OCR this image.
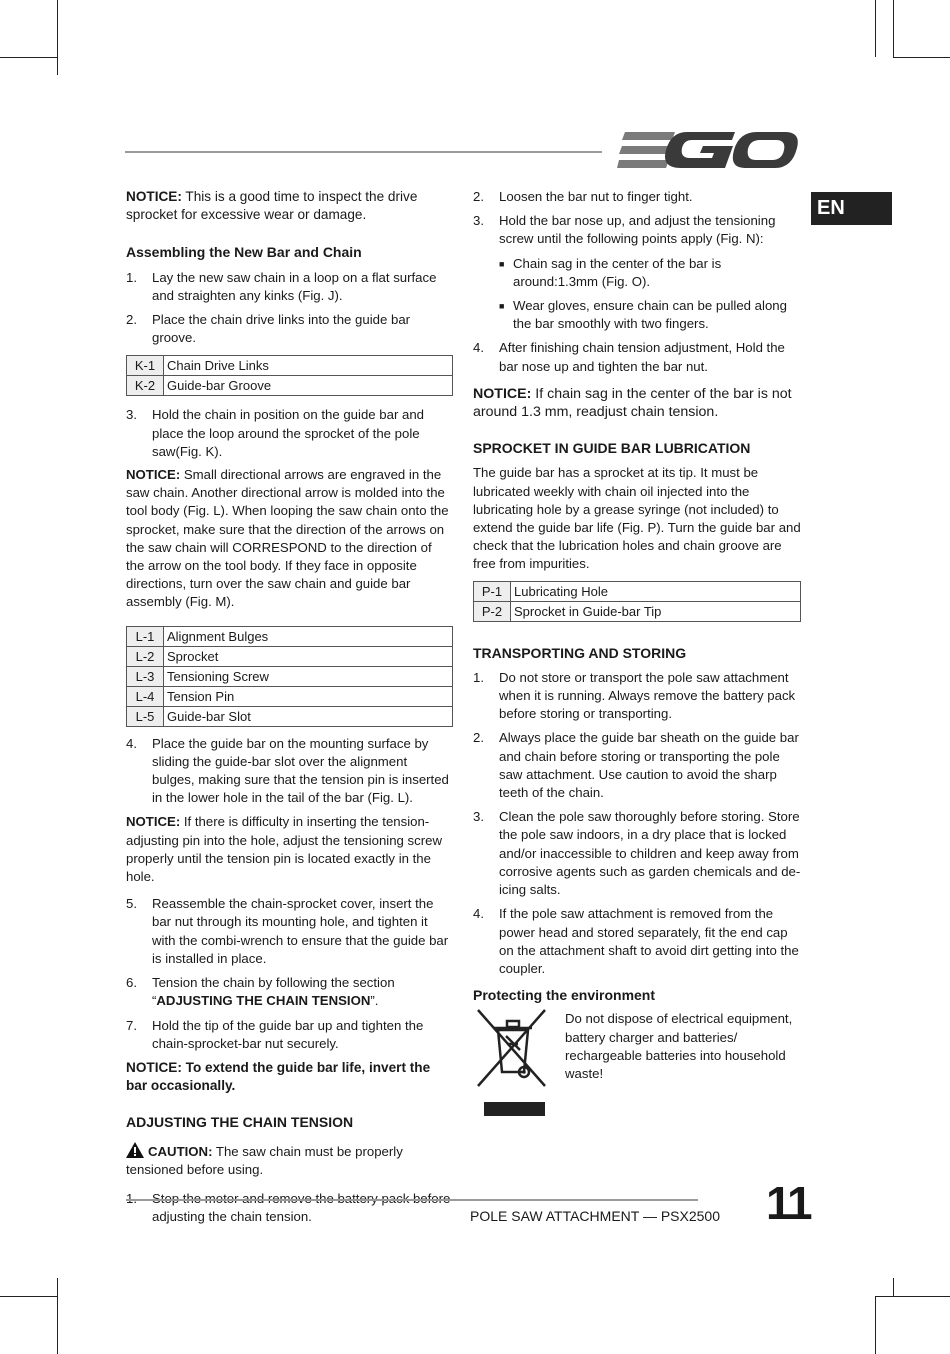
EN

NOTICE: This is a good time to inspect the drive sprocket for excessive wear or damage.

Assembling the New Bar and Chain

1.	Lay the new saw chain in a loop on a flat surface and straighten any kinks (Fig. J).
2.	Place the chain drive links into the guide bar groove.
K-1	Chain Drive Links
K-2	Guide-bar Groove
3.	Hold the chain in position on the guide bar and place the loop around the sprocket of the pole saw(Fig. K).

NOTICE: Small directional arrows are engraved in the saw chain. Another directional arrow is molded into the tool body (Fig. L). When looping the saw chain onto the sprocket, make sure that the direction of the arrows on the saw chain will CORRESPOND to the direction of the arrow on the tool body. If they face in opposite directions, turn over the saw chain and guide bar assembly (Fig. M).

L-1	Alignment Bulges
L-2	Sprocket
L-3	Tensioning Screw
L-4	Tension Pin
L-5	Guide-bar Slot
4.	Place the guide bar on the mounting surface by sliding the guide-bar slot over the alignment bulges, making sure that the tension pin is inserted in the lower hole in the tail of the bar (Fig. L).

NOTICE: If there is difficulty in inserting the tension-adjusting pin into the hole, adjust the tensioning screw properly until the tension pin is located exactly in the hole.

5.	Reassemble the chain-sprocket cover, insert the bar nut through its mounting hole, and tighten it with the combi-wrench to ensure that the guide bar is installed in place.
6.	Tension the chain by following the section “ADJUSTING THE CHAIN TENSION”.
7.	Hold the tip of the guide bar up and tighten the chain-sprocket-bar nut securely.

NOTICE: To extend the guide bar life, invert the bar occasionally.

ADJUSTING THE CHAIN TENSION

CAUTION: The saw chain must be properly tensioned before using.

adjusting the chain tension.
2.	Loosen the bar nut to finger tight.
3.	Hold the bar nose up, and adjust the tensioning screw until the following points apply (Fig. N):
■ Chain sag in the center of the bar is around:1.3mm (Fig. O).
■ Wear gloves, ensure chain can be pulled along the bar smoothly with two fingers.
4.	After finishing chain tension adjustment, Hold the bar nose up and tighten the bar nut.

NOTICE: If chain sag in the center of the bar is not around 1.3 mm, readjust chain tension.

SPROCKET IN GUIDE BAR LUBRICATION

The guide bar has a sprocket at its tip. It must be lubricated weekly with chain oil injected into the lubricating hole by a grease syringe (not included) to extend the guide bar life (Fig. P). Turn the guide bar and check that the lubrication holes and chain groove are free from impurities.

P-1	Lubricating Hole
P-2	Sprocket in Guide-bar Tip

TRANSPORTING AND STORING

1.	Do not store or transport the pole saw attachment when it is running. Always remove the battery pack before storing or transporting.
2.	Always place the guide bar sheath on the guide bar and chain before storing or transporting the pole saw attachment. Use caution to avoid the sharp teeth of the chain.
3.	Clean the pole saw thoroughly before storing. Store the pole saw indoors, in a dry place that is locked and/or inaccessible to children and keep away from corrosive agents such as garden chemicals and de-icing salts.
4.	If the pole saw attachment is removed from the power head and stored separately, fit the end cap on the attachment shaft to avoid dirt getting into the coupler.

Protecting the environment

Do not dispose of electrical equipment, battery charger and batteries/ rechargeable batteries into household waste!

POLE SAW ATTACHMENT — PSX2500 11
